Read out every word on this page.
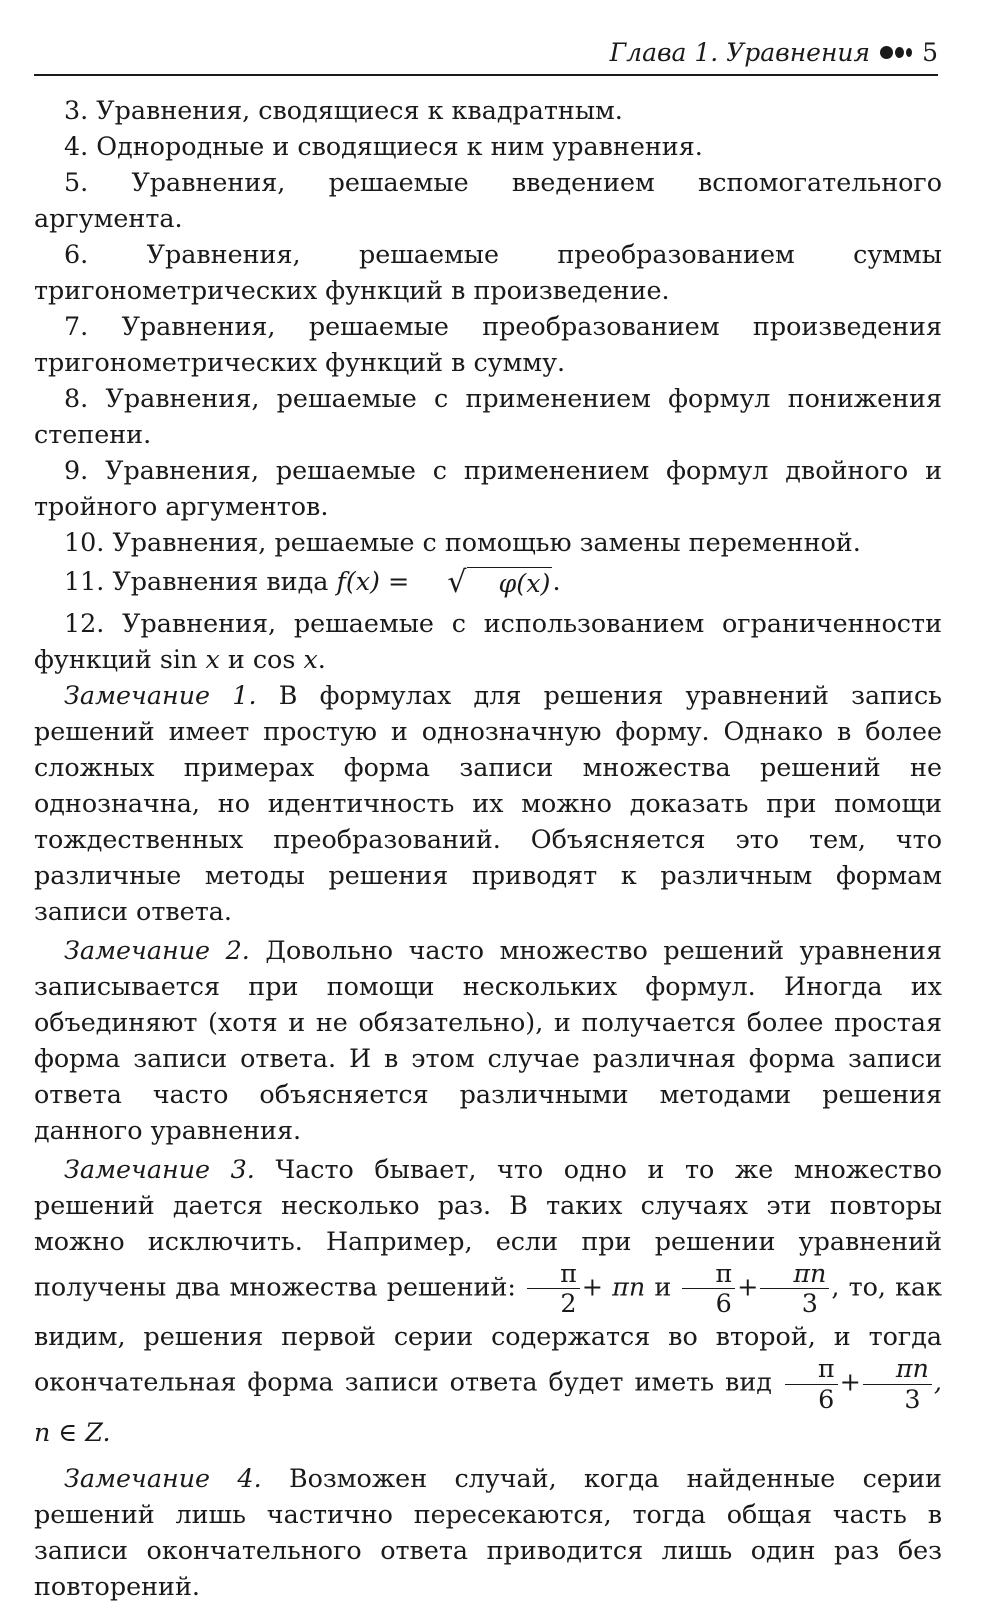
Глава 1. Уравнения 5

3. Уравнения, сводящиеся к квадратным.

4. Однородные и сводящиеся к ним уравнения.

5. Уравнения, решаемые введением вспомогательного аргумента.

6. Уравнения, решаемые преобразованием суммы тригонометрических функций в произведение.

7. Уравнения, решаемые преобразованием произведения тригонометрических функций в сумму.

8. Уравнения, решаемые с применением формул понижения степени.

9. Уравнения, решаемые с применением формул двойного и тройного аргументов.

10. Уравнения, решаемые с помощью замены переменной.

11. Уравнения вида f(x) =	√	φ(x) .

12. Уравнения, решаемые с использованием ограниченности функций sin x и cos x.

Замечание 1. В формулах для решения уравнений запись решений имеет простую и однозначную форму. Однако в более сложных примерах форма записи множества решений не однозначна, но идентичность их можно доказать при помощи тождественных преобразований. Объясняется это тем, что различные методы решения приводят к различным формам записи ответа.

Замечание 2. Довольно часто множество решений уравнения записывается при помощи нескольких формул. Иногда их объединяют (хотя и не обязательно), и получается более простая форма записи ответа. И в этом случае различная форма записи ответа часто объясняется различными методами решения данного уравнения.

Замечание 3. Часто бывает, что одно и то же множество решений дается несколько раз. В таких случаях эти повторы можно исключить. Например, если при решении уравнений получены два множества решений: $\frac{\pi}{2} + \pi n$ и $\frac{\pi}{6} + \frac{\pi n}{3}$ , то, как видим, решения первой серии содержатся во второй, и тогда окончательная форма записи ответа будет иметь вид $\frac{\pi}{6} + \frac{\pi n}{3}$ , n ∈ Z.

Замечание 4. Возможен случай, когда найденные серии решений лишь частично пересекаются, тогда общая часть в записи окончательного ответа приводится лишь один раз без повторений.
